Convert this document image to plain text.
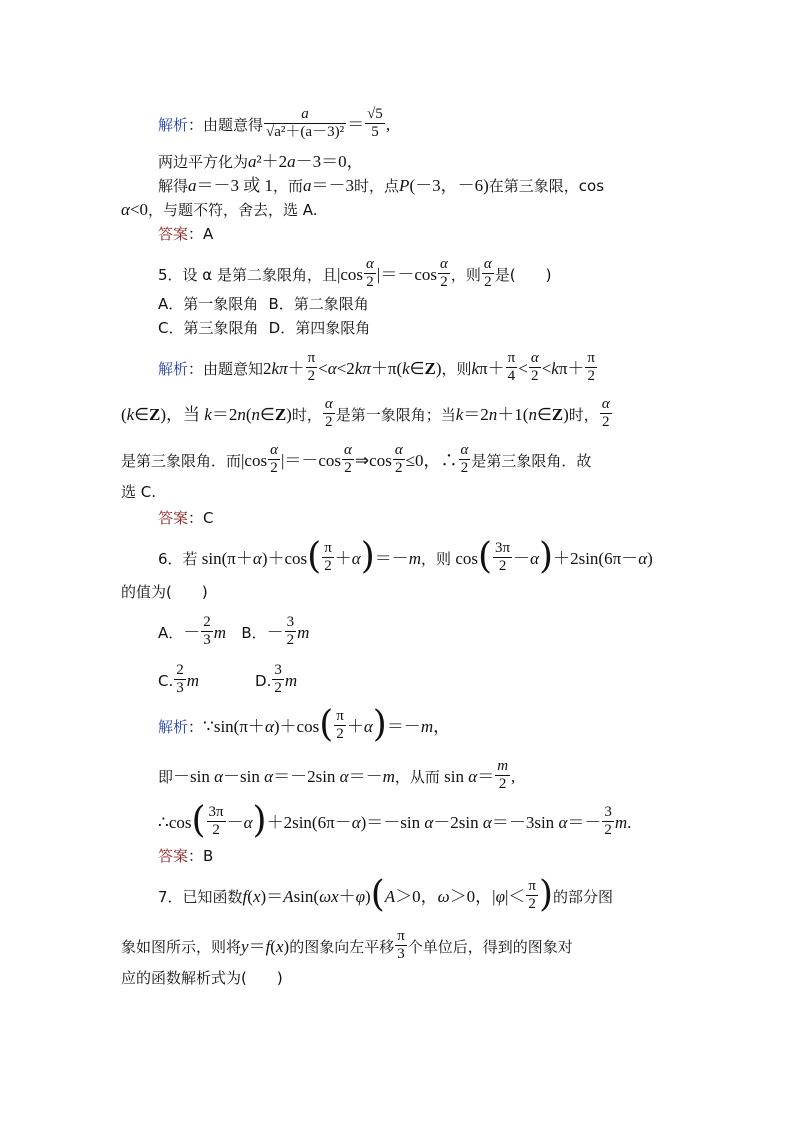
解析：由题意得 $\frac{a}{\text{√a²＋(a－3)²}} = \frac{√5}{5}$ ,
两边平方化为a²＋2a－3＝0，
解得a＝－3 或 1，而a＝－3时，点P(－3，－6)在第三象限，cos
α<0，与题不符，舍去，选 A.
答案：A
5．设 α 是第二象限角，且$|\cos \frac{\alpha}{2} |=-\cos \frac{\alpha}{2}$ ，则 $\frac{\alpha}{2}$ 是(　　)
A．第一象限角 B．第二象限角
C．第三象限角 D．第四象限角
解析：由题意知$2k\pi+ \frac{\pi}{2}$ <α<2kπ＋π(k∈Z)，则$k\pi+ \frac{\pi}{4} < \frac{\alpha}{2} <k\pi+ \frac{\pi}{2}$
(k∈Z)，当 k＝2n(n∈Z)时， $\frac{\alpha}{2}$ 是第一象限角；当k＝2n＋1(n∈Z)时， $\frac{\alpha}{2}$
是第三象限角．而$|\cos \frac{\alpha}{2} |=-\cos \frac{\alpha}{2}$ ⇒cos $\frac{\alpha}{2} \le 0$，∴ $\frac{\alpha}{2}$ 是第三象限角．故
选 C.
答案：C
6．若 $\sin(\pi+\alpha)+\cos( \frac{\pi}{2} +\alpha)=-m$，则 $\cos( \frac{3\pi}{2} -\alpha)+2\sin(6\pi-\alpha)$
的值为(　　)
A．－ $\frac{2}{3}$ m B．－ $\frac{3}{2}$ m
C. $\frac{2}{3}$ m	D. $\frac{3}{2}$ m
解析：∵sin(π＋α)＋cos( $\frac{\pi}{2} +\alpha)=-m$，
即－sin α－sin α＝－2sin α＝－m，从而 $\sin \alpha= \frac{m}{2}$ ,
∴cos( $\frac{3\pi}{2} -\alpha)+2\sin(6\pi-\alpha)=-\sin$ α－2sin α＝－3sin $\alpha=- \frac{3}{2} m$.
答案：B
7．已知函数f(x)＝Asin(ωx＋φ)(A＞0，ω＞0，$|\varphi|< \frac{\pi}{2}$ )的部分图
象如图所示，则将y＝f(x)的图象向左平移 $\frac{\pi}{3}$ 个单位后，得到的图象对
应的函数解析式为(　　)
